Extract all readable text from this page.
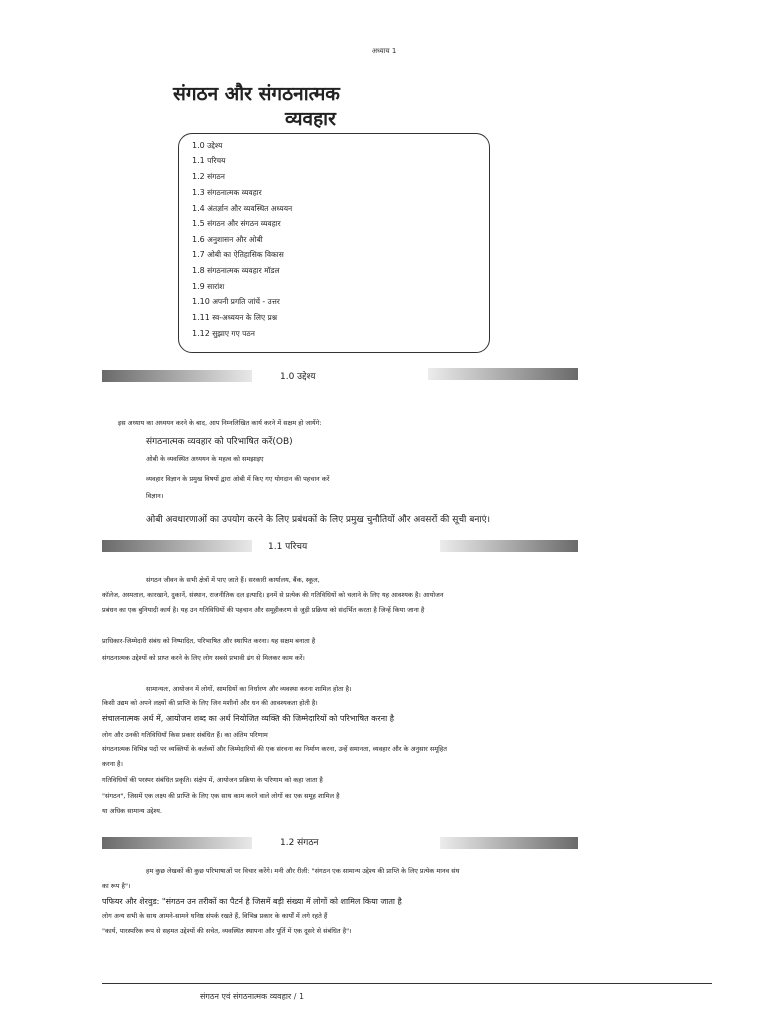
अध्याय 1
संगठन और संगठनात्मक
व्यवहार
1.0 उद्देश्य
1.1 परिचय
1.2 संगठन
1.3 संगठनात्मक व्यवहार
1.4 अंतर्ज्ञान और व्यवस्थित अध्ययन
1.5 संगठन और संगठन व्यवहार
1.6 अनुशासन और ओबी
1.7 ओबी का ऐतिहासिक विकास
1.8 संगठनात्मक व्यवहार मॉडल
1.9 सारांश
1.10 अपनी प्रगति जांचें - उत्तर
1.11 स्व-अध्ययन के लिए प्रश्न
1.12 सुझाए गए पठन
1.0 उद्देश्य
इस अध्याय का अध्ययन करने के बाद, आप निम्नलिखित कार्य करने में सक्षम हो जायेंगे:
संगठनात्मक व्यवहार को परिभाषित करें(OB)
ओबी के व्यवस्थित अध्ययन के महत्व को समझाइए
व्यवहार विज्ञान के प्रमुख विषयों द्वारा ओबी में किए गए योगदान की पहचान करें
विज्ञान।
ओबी अवधारणाओं का उपयोग करने के लिए प्रबंधकों के लिए प्रमुख चुनौतियों और अवसरों की सूची बनाएं।
1.1 परिचय
संगठन जीवन के सभी क्षेत्रों में पाए जाते हैं। सरकारी कार्यालय, बैंक, स्कूल,
कॉलेज, अस्पताल, कारखाने, दुकानें, संस्थान, राजनीतिक दल इत्यादि। इनमें से प्रत्येक की गतिविधियों को चलाने के लिए यह आवश्यक है। आयोजन
प्रबंधन का एक बुनियादी कार्य है। यह उन गतिविधियों की पहचान और समूहीकरण से जुड़ी प्रक्रिया को संदर्भित करता है जिन्हें किया जाना है
प्राधिकार-जिम्मेदारी संबंध को निष्पादित, परिभाषित और स्थापित करना। यह सक्षम बनाता है
संगठनात्मक उद्देश्यों को प्राप्त करने के लिए लोग सबसे प्रभावी ढंग से मिलकर काम करें।
सामान्यतः, आयोजन में लोगों, सामग्रियों का निर्धारण और व्यवस्था करना शामिल होता है।
किसी उद्यम को अपने लक्ष्यों की प्राप्ति के लिए जिन मशीनों और धन की आवश्यकता होती है।
संचालनात्मक अर्थ में, आयोजन शब्द का अर्थ नियोजित व्यक्ति की जिम्मेदारियों को परिभाषित करना है
लोग और उनकी गतिविधियाँ किस प्रकार संबंधित हैं। का अंतिम परिणाम
संगठनात्मक विभिन्न पदों पर व्यक्तियों के कर्तव्यों और जिम्मेदारियों की एक संरचना का निर्माण करना, उन्हें समानता, व्यवहार और के अनुसार समूहित
करना है।
गतिविधियों की परस्पर संबंधित प्रकृति। संक्षेप में, आयोजन प्रक्रिया के परिणाम को कहा जाता है
"संगठन", जिसमें एक लक्ष्य की प्राप्ति के लिए एक साथ काम करने वाले लोगों का एक समूह शामिल है
या अधिक सामान्य उद्देश्य.
1.2 संगठन
हम कुछ लेखकों की कुछ परिभाषाओं पर विचार करेंगे। मनी और रीली: "संगठन एक सामान्य उद्देश्य की प्राप्ति के लिए प्रत्येक मानव संघ
का रूप है"।
पफियर और शेरवुड: "संगठन उन तरीकों का पैटर्न है जिसमें बड़ी संख्या में लोगों को शामिल किया जाता है
लोग अन्य सभी के साथ आमने-सामने घनिष्ठ संपर्क रखते हैं, विभिन्न प्रकार के कार्यों में लगे रहते हैं
"कार्य, पारस्परिक रूप से सहमत उद्देश्यों की सचेत, व्यवस्थित स्थापना और पूर्ति में एक दूसरे से संबंधित है"।
संगठन एवं संगठनात्मक व्यवहार / 1
